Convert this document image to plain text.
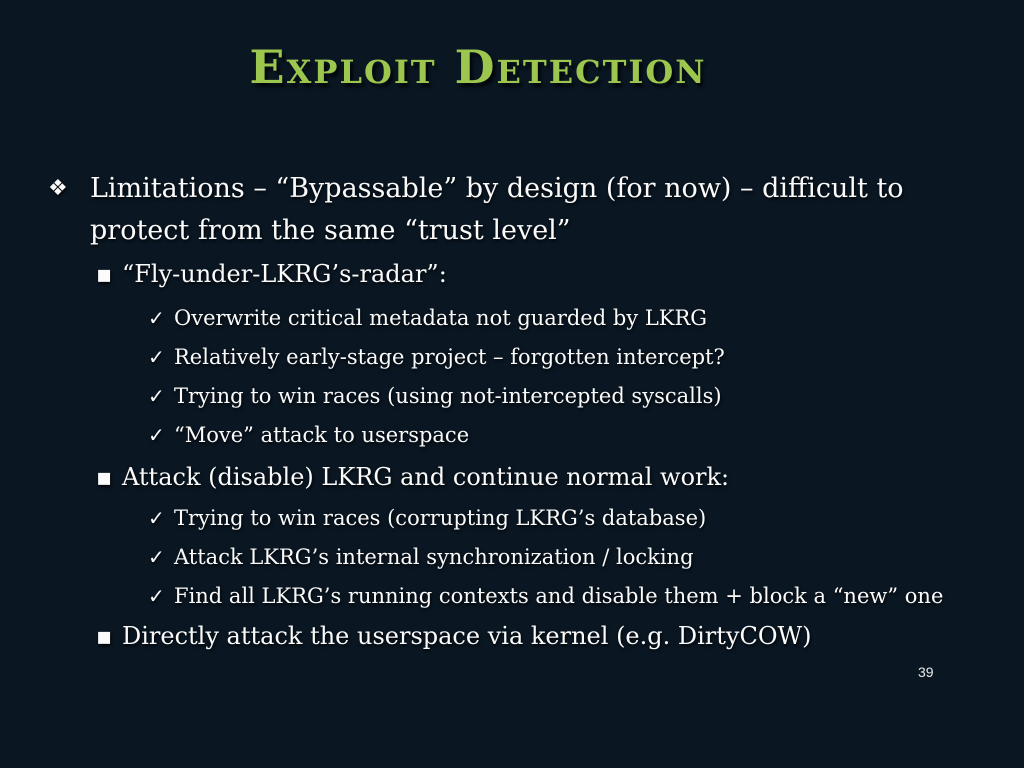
Exploit Detection
❖ Limitations – “Bypassable” by design (for now) – difficult to
protect from the same “trust level”
▪ “Fly-under-LKRG’s-radar”:
✓ Overwrite critical metadata not guarded by LKRG
✓ Relatively early-stage project – forgotten intercept?
✓ Trying to win races (using not-intercepted syscalls)
✓ “Move” attack to userspace
▪ Attack (disable) LKRG and continue normal work:
✓ Trying to win races (corrupting LKRG’s database)
✓ Attack LKRG’s internal synchronization / locking
✓ Find all LKRG’s running contexts and disable them + block a “new” one
▪ Directly attack the userspace via kernel (e.g. DirtyCOW)
39
